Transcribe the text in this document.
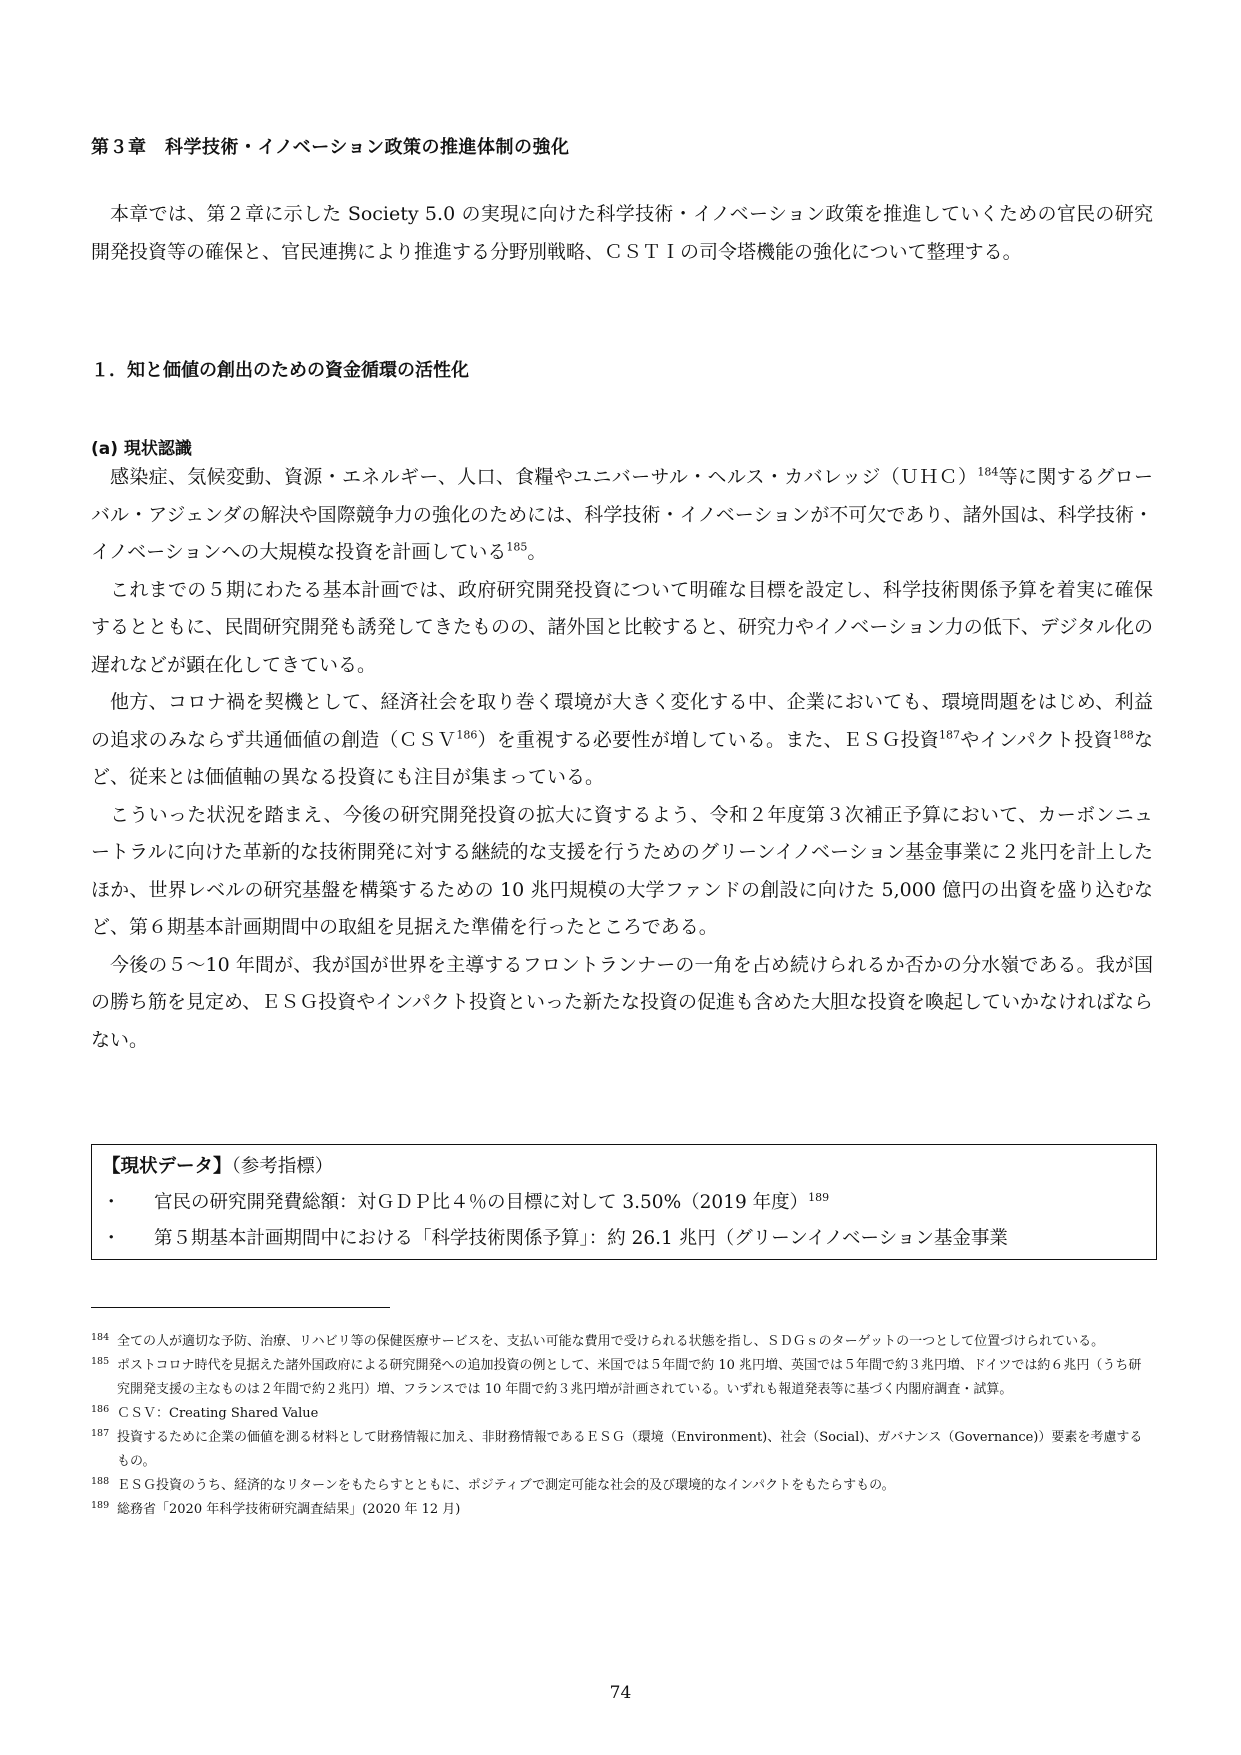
第３章　科学技術・イノベーション政策の推進体制の強化

本章では、第２章に示した Society 5.0 の実現に向けた科学技術・イノベーション政策を推進していくための官民の研究開発投資等の確保と、官民連携により推進する分野別戦略、ＣＳＴＩの司令塔機能の強化について整理する。

１．知と価値の創出のための資金循環の活性化
(a) 現状認識

感染症、気候変動、資源・エネルギー、人口、食糧やユニバーサル・ヘルス・カバレッジ（ＵＨＣ）$^{184}$等に関するグローバル・アジェンダの解決や国際競争力の強化のためには、科学技術・イノベーションが不可欠であり、諸外国は、科学技術・イノベーションへの大規模な投資を計画している$^{185}$。

これまでの５期にわたる基本計画では、政府研究開発投資について明確な目標を設定し、科学技術関係予算を着実に確保するとともに、民間研究開発も誘発してきたものの、諸外国と比較すると、研究力やイノベーション力の低下、デジタル化の遅れなどが顕在化してきている。

他方、コロナ禍を契機として、経済社会を取り巻く環境が大きく変化する中、企業においても、環境問題をはじめ、利益の追求のみならず共通価値の創造（ＣＳＶ$^{186}$）を重視する必要性が増している。また、ＥＳＧ投資$^{187}$やインパクト投資$^{188}$など、従来とは価値軸の異なる投資にも注目が集まっている。

こういった状況を踏まえ、今後の研究開発投資の拡大に資するよう、令和２年度第３次補正予算において、カーボンニュートラルに向けた革新的な技術開発に対する継続的な支援を行うためのグリーンイノベーション基金事業に２兆円を計上したほか、世界レベルの研究基盤を構築するための 10 兆円規模の大学ファンドの創設に向けた 5,000 億円の出資を盛り込むなど、第６期基本計画期間中の取組を見据えた準備を行ったところである。

今後の５～10 年間が、我が国が世界を主導するフロントランナーの一角を占め続けられるか否かの分水嶺である。我が国の勝ち筋を見定め、ＥＳＧ投資やインパクト投資といった新たな投資の促進も含めた大胆な投資を喚起していかなければならない。

【現状データ】（参考指標）
・ 官民の研究開発費総額：対ＧＤＰ比４％の目標に対して 3.50%（2019 年度）$^{189}$
・ 第５期基本計画期間中における「科学技術関係予算」：約 26.1 兆円（グリーンイノベーション基金事業
184 全ての人が適切な予防、治療、リハビリ等の保健医療サービスを、支払い可能な費用で受けられる状態を指し、ＳＤＧｓのターゲットの一つとして位置づけられている。
185 ポストコロナ時代を見据えた諸外国政府による研究開発への追加投資の例として、米国では５年間で約 10 兆円増、英国では５年間で約３兆円増、ドイツでは約６兆円（うち研究開発支援の主なものは２年間で約２兆円）増、フランスでは 10 年間で約３兆円増が計画されている。いずれも報道発表等に基づく内閣府調査・試算。
186 ＣＳＶ：Creating Shared Value
187 投資するために企業の価値を測る材料として財務情報に加え、非財務情報であるＥＳＧ（環境（Environment)、社会（Social)、ガバナンス（Governance)）要素を考慮するもの。
188 ＥＳＧ投資のうち、経済的なリターンをもたらすとともに、ポジティブで測定可能な社会的及び環境的なインパクトをもたらすもの。
189 総務省「2020 年科学技術研究調査結果」(2020 年 12 月)
74
